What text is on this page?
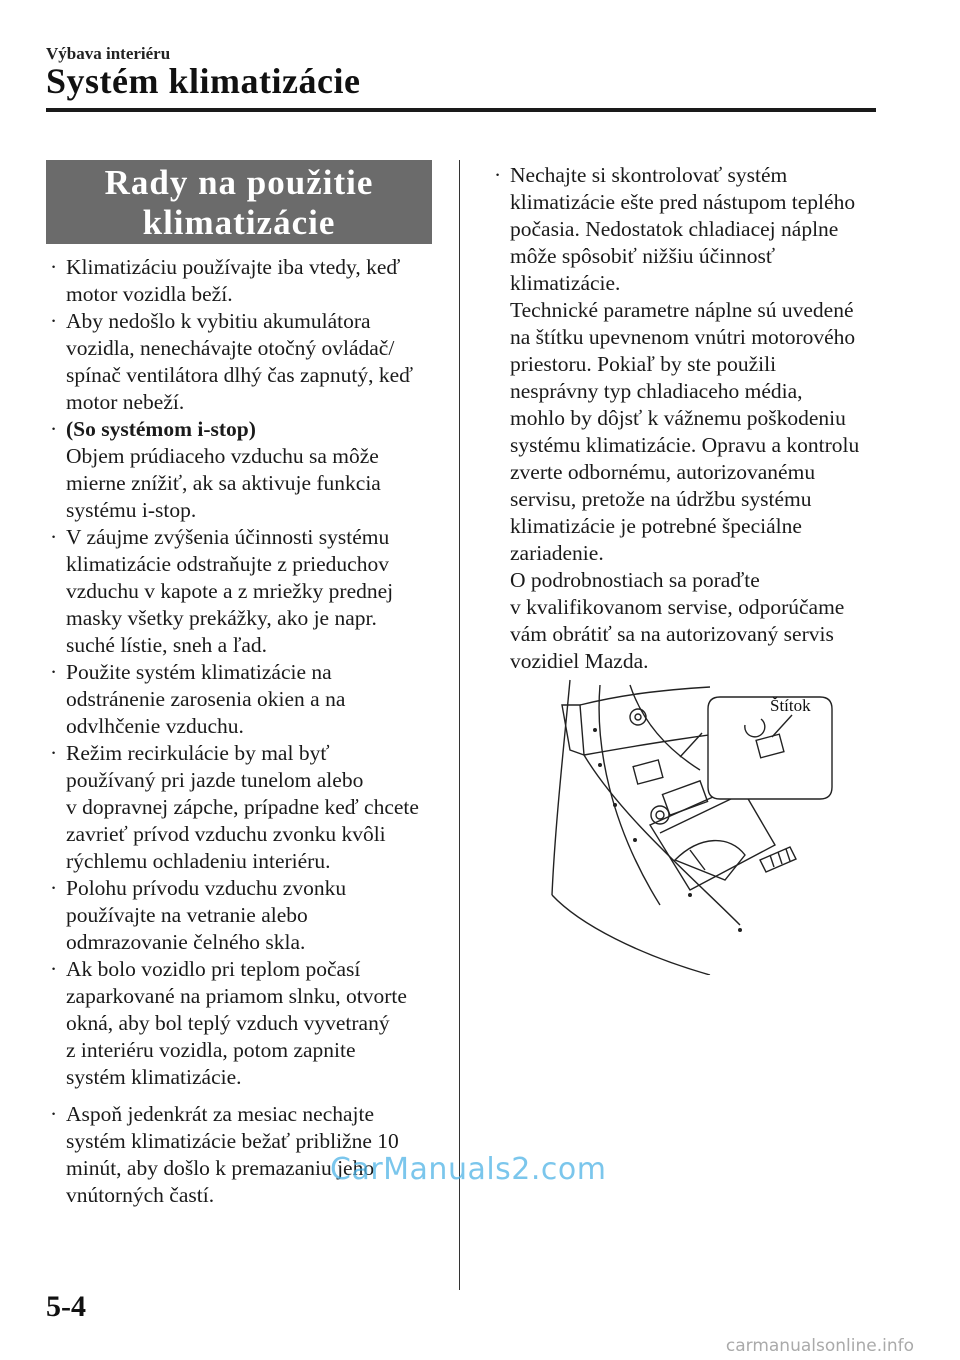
Výbava interiéru
Systém klimatizácie
Rady na použitie
klimatizácie
· Klimatizáciu používajte iba vtedy, keď

motor vozidla beží.

· Aby nedošlo k vybitiu akumulátora

vozidla, nenechávajte otočný ovládač/

spínač ventilátora dlhý čas zapnutý, keď

motor nebeží.

· (So systémom i-stop)

Objem prúdiaceho vzduchu sa môže

mierne znížiť, ak sa aktivuje funkcia

systému i-stop.

· V záujme zvýšenia účinnosti systému

klimatizácie odstraňujte z prieduchov

vzduchu v kapote a z mriežky prednej

masky všetky prekážky, ako je napr.

suché lístie, sneh a ľad.

· Použite systém klimatizácie na

odstránenie zarosenia okien a na

odvlhčenie vzduchu.

· Režim recirkulácie by mal byť

používaný pri jazde tunelom alebo

v dopravnej zápche, prípadne keď chcete

zavrieť prívod vzduchu zvonku kvôli

rýchlemu ochladeniu interiéru.

· Polohu prívodu vzduchu zvonku

používajte na vetranie alebo

odmrazovanie čelného skla.

· Ak bolo vozidlo pri teplom počasí

zaparkované na priamom slnku, otvorte

okná, aby bol teplý vzduch vyvetraný

z interiéru vozidla, potom zapnite

systém klimatizácie.

· Aspoň jedenkrát za mesiac nechajte

systém klimatizácie bežať približne 10

minút, aby došlo k premazaniu jeho

vnútorných častí.

· Nechajte si skontrolovať systém

klimatizácie ešte pred nástupom teplého

počasia. Nedostatok chladiacej náplne

môže spôsobiť nižšiu účinnosť

klimatizácie.

Technické parametre náplne sú uvedené

na štítku upevnenom vnútri motorového

priestoru. Pokiaľ by ste použili

nesprávny typ chladiaceho média,

mohlo by dôjsť k vážnemu poškodeniu

systému klimatizácie. Opravu a kontrolu

zverte odbornému, autorizovanému

servisu, pretože na údržbu systému

klimatizácie je potrebné špeciálne

zariadenie.

O podrobnostiach sa poraďte

v kvalifikovanom servise, odporúčame

vám obrátiť sa na autorizovaný servis

vozidiel Mazda.

Štítok
5-4
CarManuals2.com
carmanualsonline.info
